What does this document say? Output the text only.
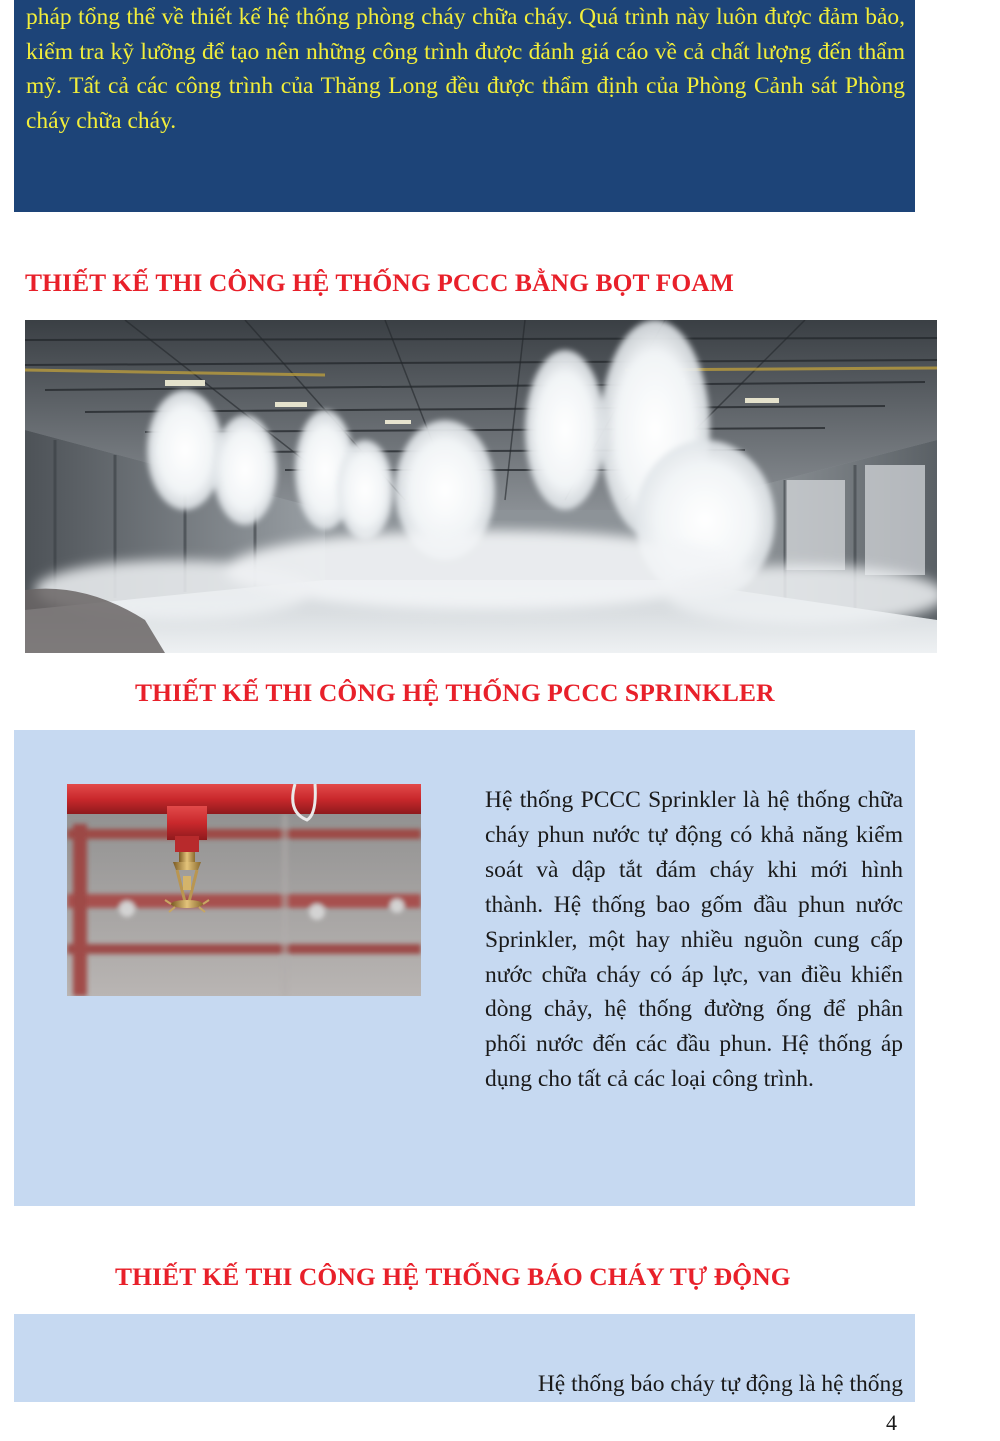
pháp tổng thể về thiết kế hệ thống phòng cháy chữa cháy. Quá trình này luôn được đảm bảo, kiểm tra kỹ lưỡng để tạo nên những công trình được đánh giá cáo về cả chất lượng đến thẩm mỹ. Tất cả các công trình của Thăng Long đều được thẩm định của Phòng Cảnh sát Phòng cháy chữa cháy.

THIẾT KẾ THI CÔNG HỆ THỐNG PCCC BẰNG BỌT FOAM
THIẾT KẾ THI CÔNG HỆ THỐNG PCCC SPRINKLER

Hệ thống PCCC Sprinkler là hệ thống chữa cháy phun nước tự động có khả năng kiểm soát và dập tắt đám cháy khi mới hình thành. Hệ thống bao gốm đầu phun nước Sprinkler, một hay nhiều nguồn cung cấp nước chữa cháy có áp lực, van điều khiển dòng chảy, hệ thống đường ống để phân phối nước đến các đầu phun. Hệ thống áp dụng cho tất cả các loại công trình.

THIẾT KẾ THI CÔNG HỆ THỐNG BÁO CHÁY TỰ ĐỘNG

Hệ thống báo cháy tự động là hệ thống

4
